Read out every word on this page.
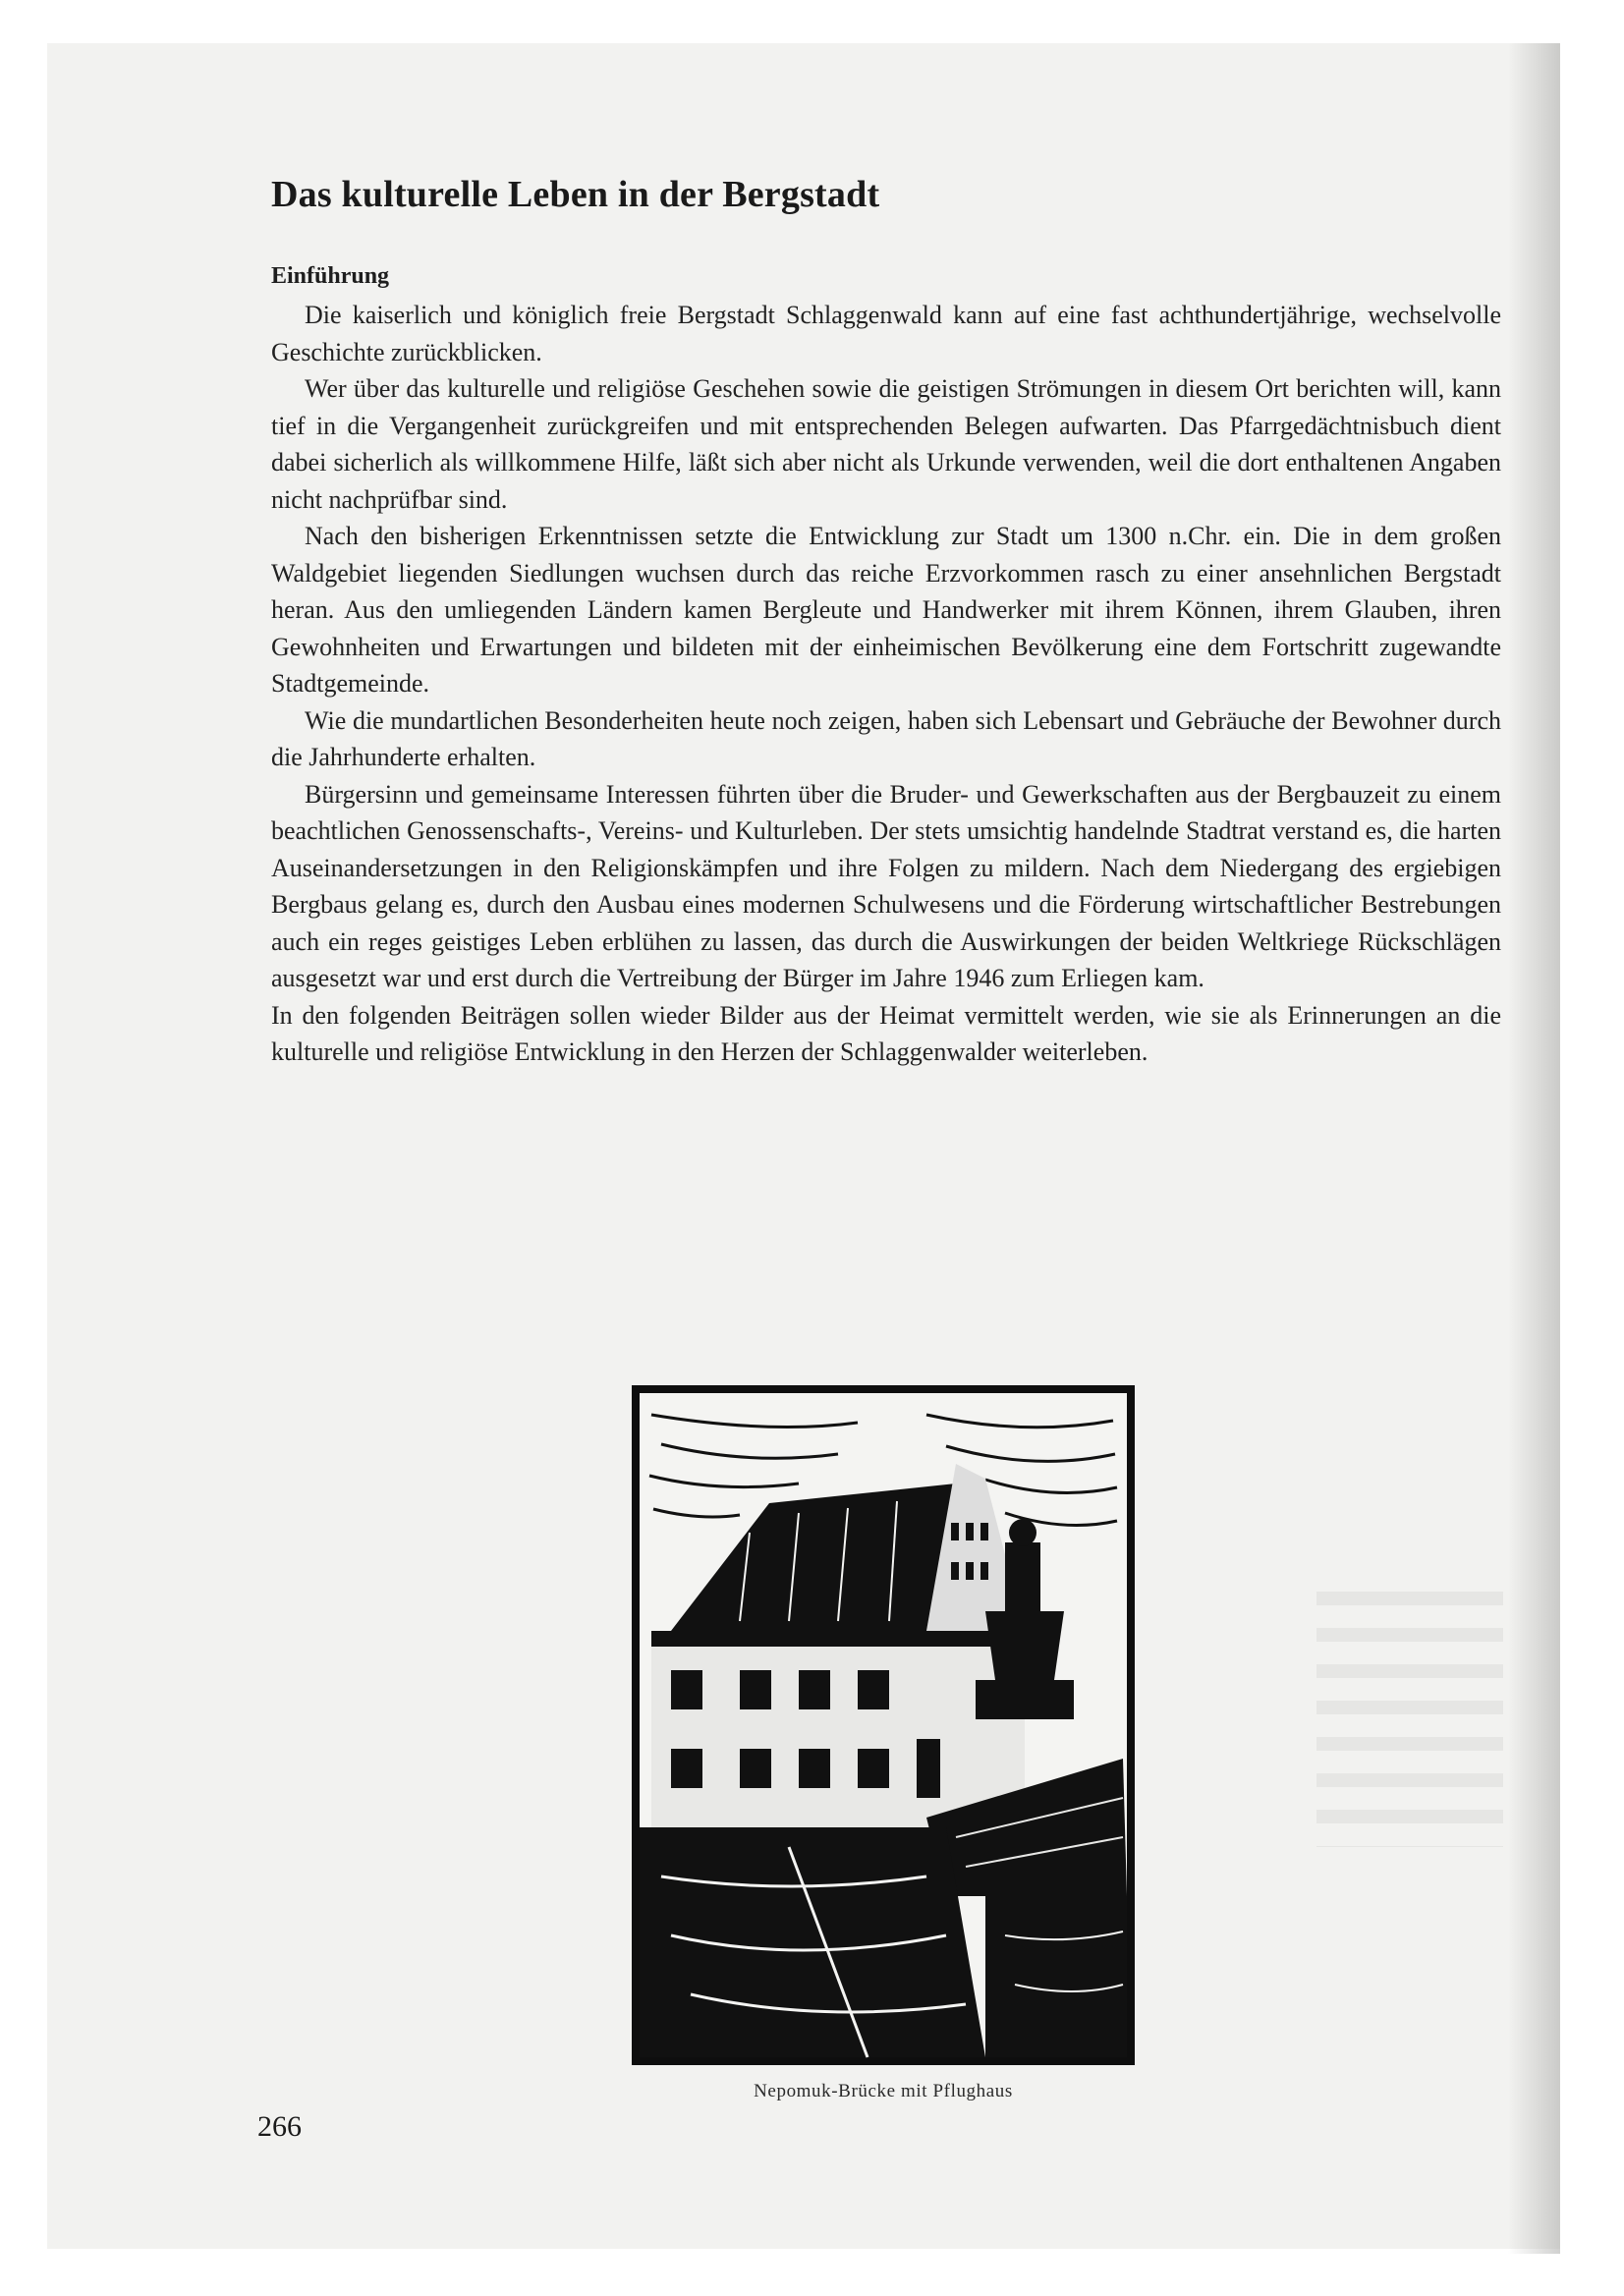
Das kulturelle Leben in der Bergstadt
Einführung

Die kaiserlich und königlich freie Bergstadt Schlaggenwald kann auf eine fast achthundertjährige, wechselvolle Geschichte zurückblicken.

Wer über das kulturelle und religiöse Geschehen sowie die geistigen Strömungen in diesem Ort berichten will, kann tief in die Vergangenheit zurückgreifen und mit entsprechenden Belegen aufwarten. Das Pfarrgedächtnisbuch dient dabei sicherlich als willkommene Hilfe, läßt sich aber nicht als Urkunde verwenden, weil die dort enthaltenen Angaben nicht nachprüfbar sind.

Nach den bisherigen Erkenntnissen setzte die Entwicklung zur Stadt um 1300 n.Chr. ein. Die in dem großen Waldgebiet liegenden Siedlungen wuchsen durch das reiche Erzvorkommen rasch zu einer ansehnlichen Bergstadt heran. Aus den umliegenden Ländern kamen Bergleute und Handwerker mit ihrem Können, ihrem Glauben, ihren Gewohnheiten und Erwartungen und bildeten mit der einheimischen Bevölkerung eine dem Fortschritt zugewandte Stadtgemeinde.

Wie die mundartlichen Besonderheiten heute noch zeigen, haben sich Lebensart und Gebräuche der Bewohner durch die Jahrhunderte erhalten.

Bürgersinn und gemeinsame Interessen führten über die Bruder- und Gewerkschaften aus der Bergbauzeit zu einem beachtlichen Genossenschafts-, Vereins- und Kulturleben. Der stets umsichtig handelnde Stadtrat verstand es, die harten Auseinandersetzungen in den Religionskämpfen und ihre Folgen zu mildern. Nach dem Niedergang des ergiebigen Bergbaus gelang es, durch den Ausbau eines modernen Schulwesens und die Förderung wirtschaftlicher Bestrebungen auch ein reges geistiges Leben erblühen zu lassen, das durch die Auswirkungen der beiden Weltkriege Rückschlägen ausgesetzt war und erst durch die Vertreibung der Bürger im Jahre 1946 zum Erliegen kam.

In den folgenden Beiträgen sollen wieder Bilder aus der Heimat vermittelt werden, wie sie als Erinnerungen an die kulturelle und religiöse Entwicklung in den Herzen der Schlaggenwalder weiterleben.

Nepomuk-Brücke mit Pflughaus
266
